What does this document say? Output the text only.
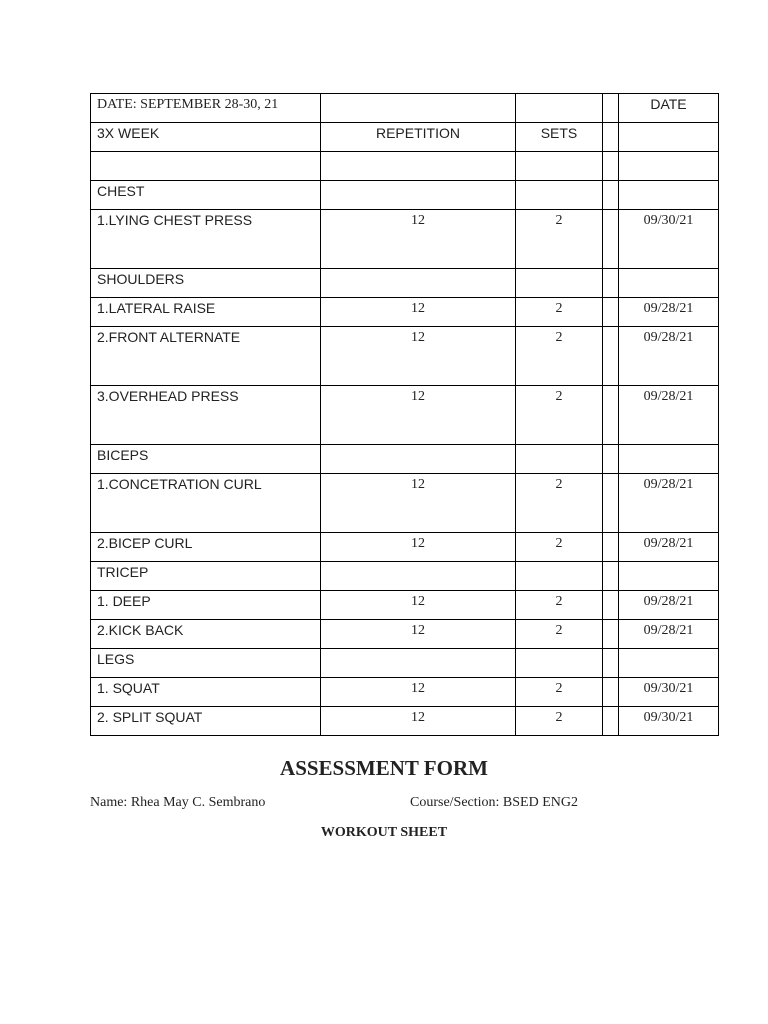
DATE: SEPTEMBER 28-30, 21				DATE
3X WEEK	REPETITION	SETS		

CHEST				
1.LYING CHEST PRESS	12	2		09/30/21
SHOULDERS				
1.LATERAL RAISE	12	2		09/28/21
2.FRONT ALTERNATE	12	2		09/28/21
3.OVERHEAD PRESS	12	2		09/28/21
BICEPS				
1.CONCETRATION CURL	12	2		09/28/21
2.BICEP CURL	12	2		09/28/21
TRICEP				
1. DEEP	12	2		09/28/21
2.KICK BACK	12	2		09/28/21
LEGS				
1. SQUAT	12	2		09/30/21
2. SPLIT SQUAT	12	2		09/30/21
ASSESSMENT FORM
Name: Rhea May C. Sembrano	Course/Section: BSED ENG2
WORKOUT SHEET
